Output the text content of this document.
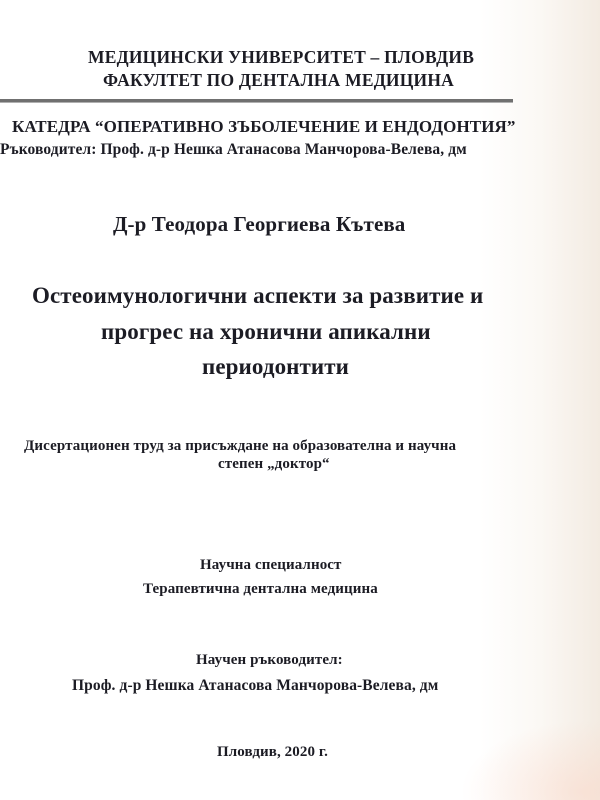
МЕДИЦИНСКИ УНИВЕРСИТЕТ – ПЛОВДИВ
ФАКУЛТЕТ ПО ДЕНТАЛНА МЕДИЦИНА
КАТЕДРА “ОПЕРАТИВНО ЗЪБОЛЕЧЕНИЕ И ЕНДОДОНТИЯ”
Ръководител: Проф. д-р Нешка Атанасова Манчорова-Велева, дм
Д-р Теодора Георгиева Кътева
Остеоимунологични аспекти за развитие и
прогрес на хронични апикални
периодонтити
Дисертационен труд за присъждане на образователна и научна
степен „доктор“
Научна специалност
Терапевтична дентална медицина
Научен ръководител:
Проф. д-р Нешка Атанасова Манчорова-Велева, дм
Пловдив, 2020 г.
